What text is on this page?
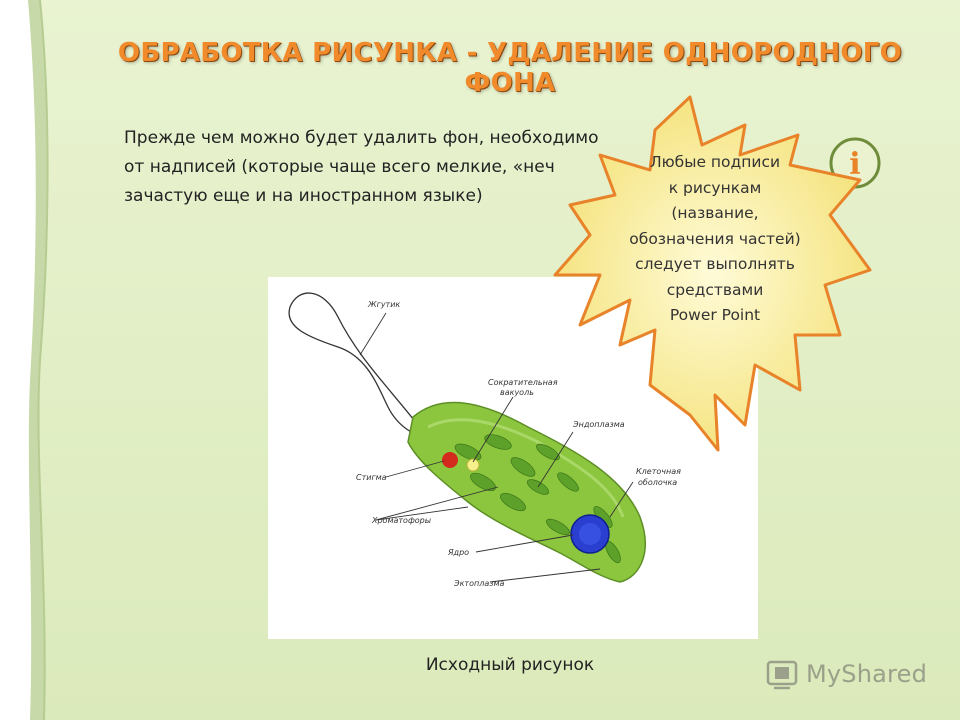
ОБРАБОТКА РИСУНКА - УДАЛЕНИЕ ОДНОРОДНОГО ФОНА
Прежде чем можно будет удалить фон, необходимо
от надписей (которые чаще всего мелкие, «неч
зачастую еще и на иностранном языке)
Жгутик
Сократительная
вакуоль
Эндоплазма
Стигма
Клеточная
оболочка
Хроматофоры
Ядро
Эктоплазма
Исходный рисунок
i
Любые подписи
к рисункам
(название,
обозначения частей)
следует выполнять
средствами
Power Point
MyShared
